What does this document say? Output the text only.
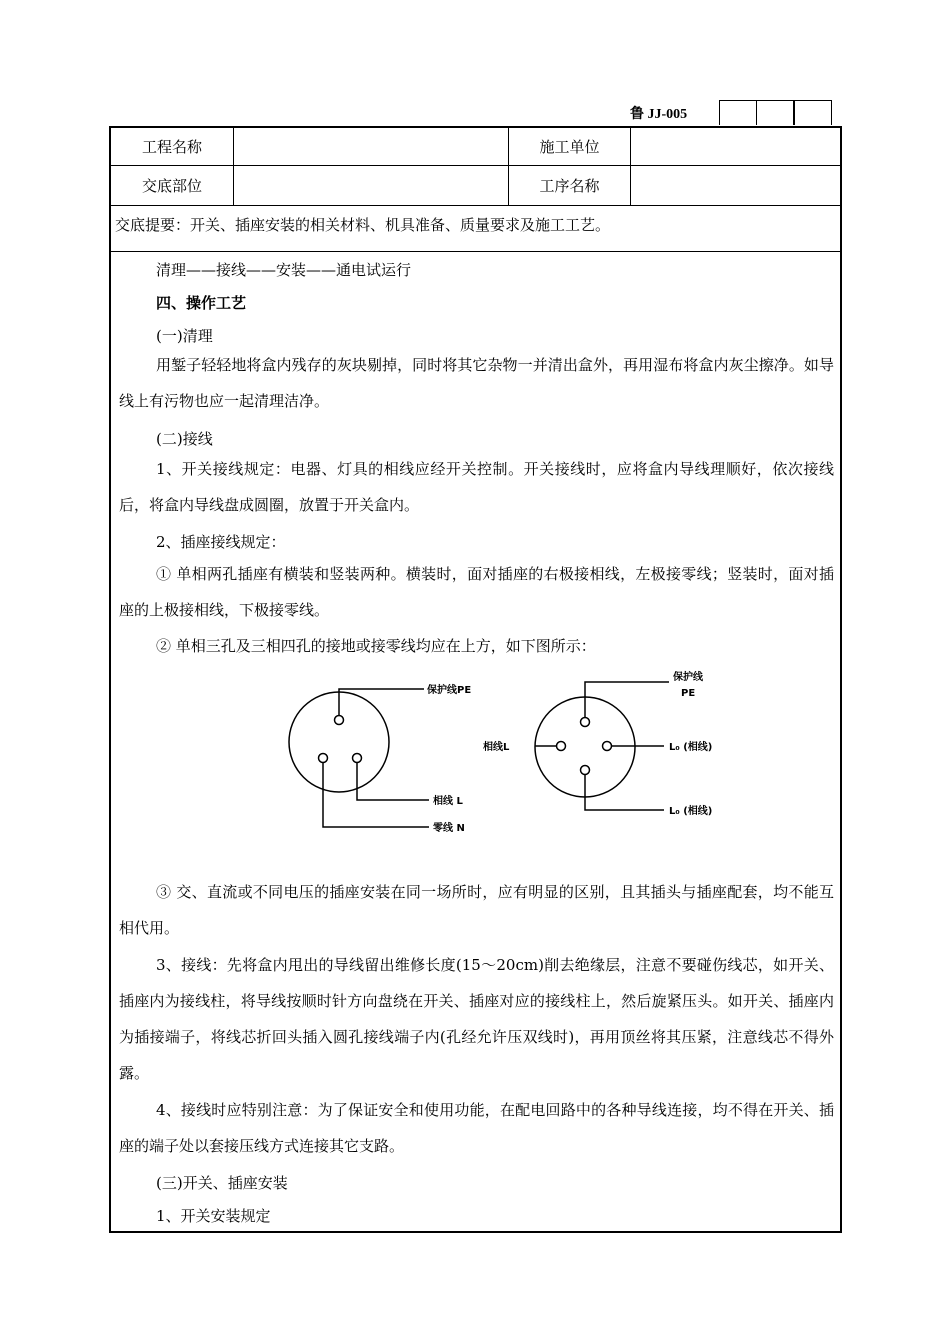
鲁 JJ-005
工程名称	施工单位
交底部位	工序名称
交底提要：开关、插座安装的相关材料、机具准备、质量要求及施工工艺。
清理——接线——安装——通电试运行
四、操作工艺
(一)清理
用錾子轻轻地将盒内残存的灰块剔掉，同时将其它杂物一并清出盒外，再用湿布将盒内灰尘擦净。如导线上有污物也应一起清理洁净。
(二)接线
1、开关接线规定：电器、灯具的相线应经开关控制。开关接线时，应将盒内导线理顺好，依次接线后，将盒内导线盘成圆圈，放置于开关盒内。
2、插座接线规定：
① 单相两孔插座有横装和竖装两种。横装时，面对插座的右极接相线，左极接零线；竖装时，面对插座的上极接相线，下极接零线。
② 单相三孔及三相四孔的接地或接零线均应在上方，如下图所示：
保护线PE
相线 L
零线 N
保护线
PE
相线L	L₀ (相线)
L₀ (相线)
③ 交、直流或不同电压的插座安装在同一场所时，应有明显的区别，且其插头与插座配套，均不能互相代用。
3、接线：先将盒内甩出的导线留出维修长度(15～20cm)削去绝缘层，注意不要碰伤线芯，如开关、插座内为接线柱，将导线按顺时针方向盘绕在开关、插座对应的接线柱上，然后旋紧压头。如开关、插座内为插接端子，将线芯折回头插入圆孔接线端子内(孔经允许压双线时)，再用顶丝将其压紧，注意线芯不得外露。
4、接线时应特别注意：为了保证安全和使用功能，在配电回路中的各种导线连接，均不得在开关、插座的端子处以套接压线方式连接其它支路。
(三)开关、插座安装
1、开关安装规定
